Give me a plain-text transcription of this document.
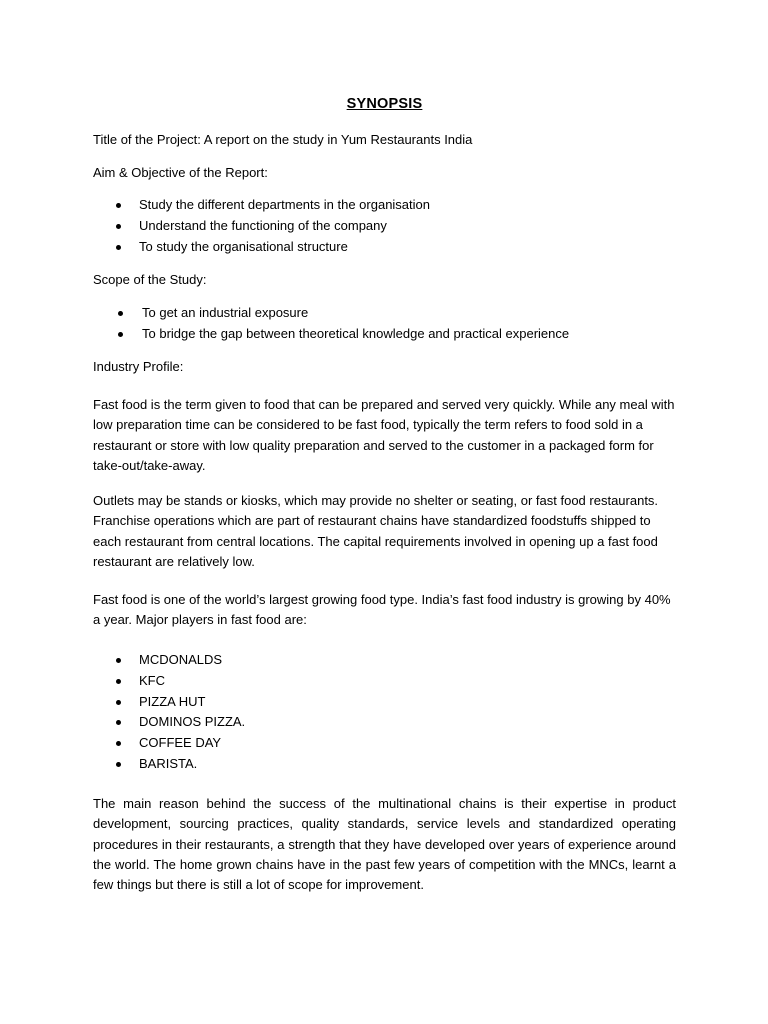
SYNOPSIS
Title of the Project: A report on the study in Yum Restaurants India
Aim & Objective of the Report:
Study the different departments in the organisation
Understand the functioning of the company
To study the organisational structure
Scope of the Study:
To get an industrial exposure
To bridge the gap between theoretical knowledge and practical experience
Industry Profile:
Fast food is the term given to food that can be prepared and served very quickly. While any meal with low preparation time can be considered to be fast food, typically the term refers to food sold in a restaurant or store with low quality preparation and served to the customer in a packaged form for take-out/take-away.
Outlets may be stands or kiosks, which may provide no shelter or seating, or fast food restaurants. Franchise operations which are part of restaurant chains have standardized foodstuffs shipped to each restaurant from central locations. The capital requirements involved in opening up a fast food restaurant are relatively low.
Fast food is one of the world’s largest growing food type. India’s fast food industry is growing by 40% a year. Major players in fast food are:
MCDONALDS
KFC
PIZZA HUT
DOMINOS PIZZA.
COFFEE DAY
BARISTA.
The main reason behind the success of the multinational chains is their expertise in product development, sourcing practices, quality standards, service levels and standardized operating procedures in their restaurants, a strength that they have developed over years of experience around the world. The home grown chains have in the past few years of competition with the MNCs, learnt a few things but there is still a lot of scope for improvement.
